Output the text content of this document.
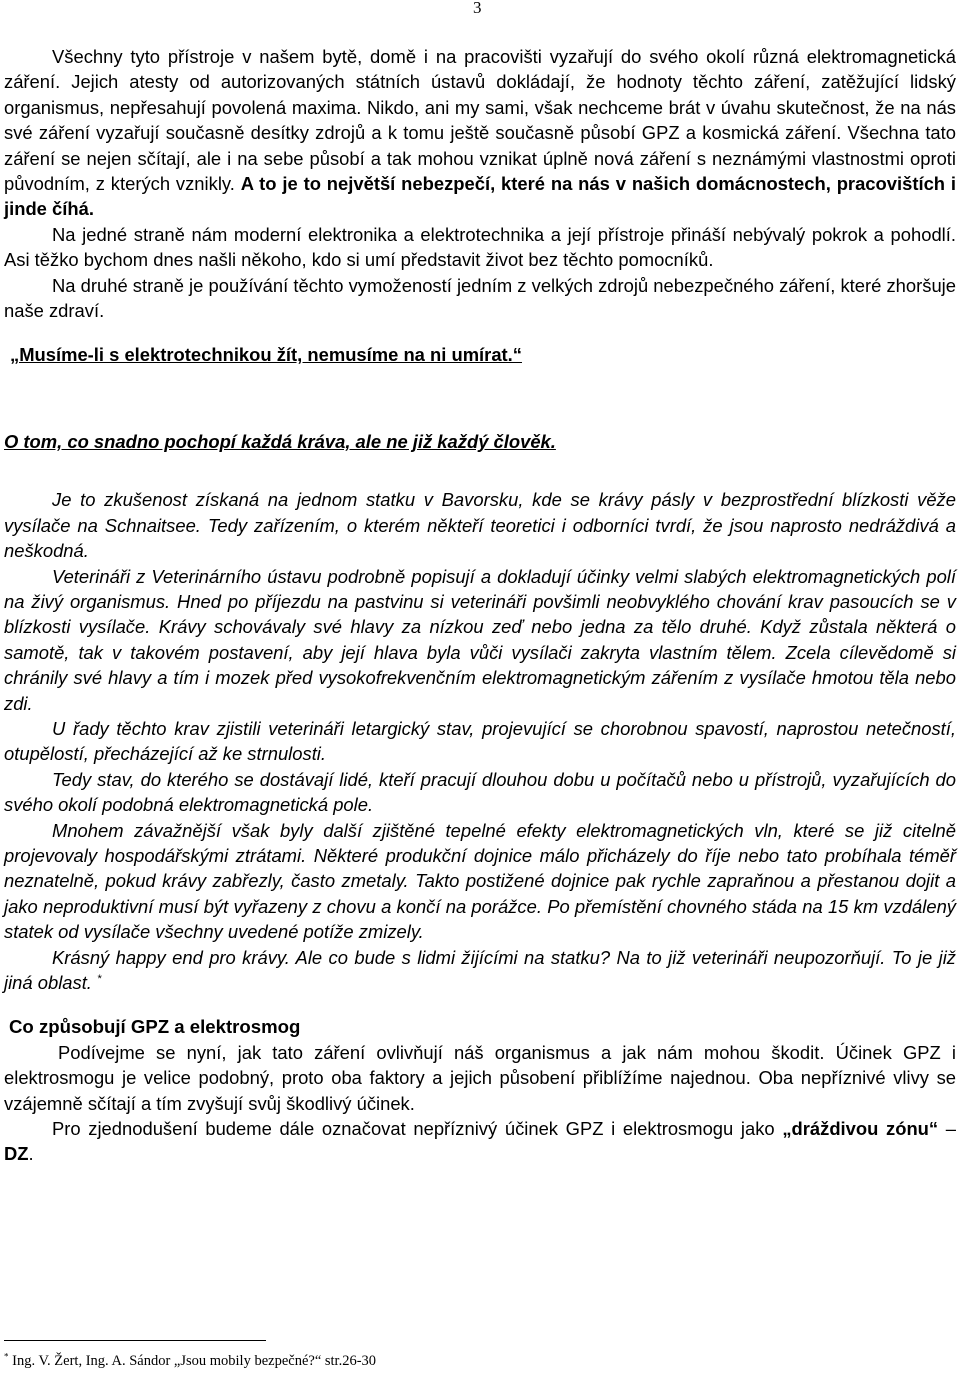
3

Všechny tyto přístroje v našem bytě, domě i na pracovišti vyzařují do svého okolí různá elektromagnetická záření. Jejich atesty od autorizovaných státních ústavů dokládají, že hodnoty těchto záření, zatěžující lidský organismus, nepřesahují povolená maxima. Nikdo, ani my sami, však nechceme brát v úvahu skutečnost, že na nás své záření vyzařují současně desítky zdrojů a k tomu ještě současně působí GPZ a kosmická záření. Všechna tato záření se nejen sčítají, ale i na sebe působí a tak mohou vznikat úplně nová záření s neznámými vlastnostmi oproti původním, z kterých vznikly. A to je to největší nebezpečí, které na nás v našich domácnostech, pracovištích i jinde číhá.

Na jedné straně nám moderní elektronika a elektrotechnika a její přístroje přináší nebývalý pokrok a pohodlí. Asi těžko bychom dnes našli někoho, kdo si umí představit život bez těchto pomocníků.

Na druhé straně je používání těchto vymožeností jedním z velkých zdrojů nebezpečného záření, které zhoršuje naše zdraví.

„Musíme-li s elektrotechnikou žít, nemusíme na ni umírat.“

O tom, co snadno pochopí každá kráva, ale ne již každý člověk.

Je to zkušenost získaná na jednom statku v Bavorsku, kde se krávy pásly v bezprostřední blízkosti věže vysílače na Schnaitsee. Tedy zařízením, o kterém někteří teoretici i odborníci tvrdí, že jsou naprosto nedráždivá a neškodná.

Veterináři z Veterinárního ústavu podrobně popisují a dokladují účinky velmi slabých elektromagnetických polí na živý organismus. Hned po příjezdu na pastvinu si veterináři povšimli neobvyklého chování krav pasoucích se v blízkosti vysílače. Krávy schovávaly své hlavy za nízkou zeď nebo jedna za tělo druhé. Když zůstala některá o samotě, tak v takovém postavení, aby její hlava byla vůči vysílači zakryta vlastním tělem. Zcela cílevědomě si chránily své hlavy a tím i mozek před vysokofrekvenčním elektromagnetickým zářením z vysílače hmotou těla nebo zdi.

U řady těchto krav zjistili veterináři letargický stav, projevující se chorobnou spavostí, naprostou netečností, otupělostí, přecházející až ke strnulosti.

Tedy stav, do kterého se dostávají lidé, kteří pracují dlouhou dobu u počítačů nebo u přístrojů, vyzařujících do svého okolí podobná elektromagnetická pole.

Mnohem závažnější však byly další zjištěné tepelné efekty elektromagnetických vln, které se již citelně projevovaly hospodářskými ztrátami. Některé produkční dojnice málo přicházely do říje nebo tato probíhala téměř neznatelně, pokud krávy zabřezly, často zmetaly. Takto postižené dojnice pak rychle zapraňnou a přestanou dojit a jako neproduktivní musí být vyřazeny z chovu a končí na porážce. Po přemístění chovného stáda na 15 km vzdálený statek od vysílače všechny uvedené potíže zmizely.

Krásný happy end pro krávy. Ale co bude s lidmi žijícími na statku? Na to již veterináři neupozorňují. To je již jiná oblast. *

Co způsobují GPZ a elektrosmog

Podívejme se nyní, jak tato záření ovlivňují náš organismus a jak nám mohou škodit. Účinek GPZ i elektrosmogu je velice podobný, proto oba faktory a jejich působení přiblížíme najednou. Oba nepříznivé vlivy se vzájemně sčítají a tím zvyšují svůj škodlivý účinek.

Pro zjednodušení budeme dále označovat nepříznivý účinek GPZ i elektrosmogu jako „dráždivou zónu“ – DZ.

* Ing. V. Žert, Ing. A. Sándor „Jsou mobily bezpečné?“ str.26-30
